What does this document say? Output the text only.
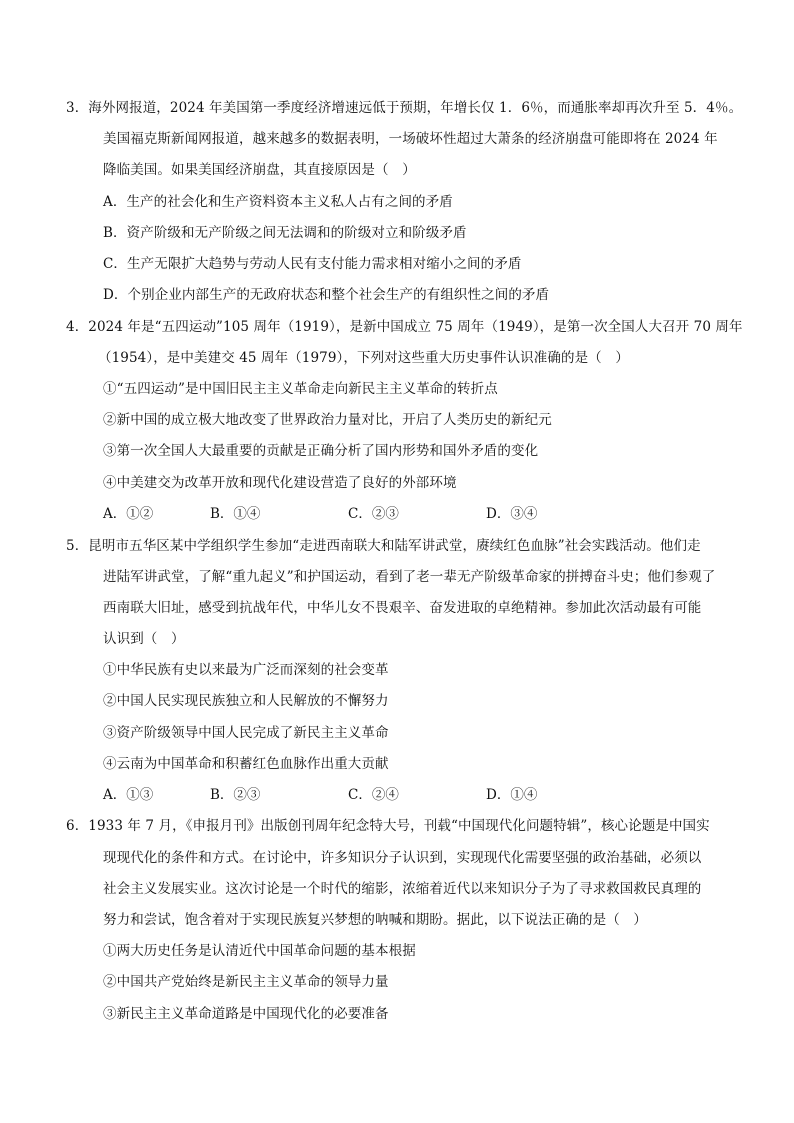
3．海外网报道，2024 年美国第一季度经济增速远低于预期，年增长仅 1．6％，而通胀率却再次升至 5．4％。
美国福克斯新闻网报道，越来越多的数据表明，一场破坏性超过大萧条的经济崩盘可能即将在 2024 年
降临美国。如果美国经济崩盘，其直接原因是（　）
A．生产的社会化和生产资料资本主义私人占有之间的矛盾
B．资产阶级和无产阶级之间无法调和的阶级对立和阶级矛盾
C．生产无限扩大趋势与劳动人民有支付能力需求相对缩小之间的矛盾
D．个别企业内部生产的无政府状态和整个社会生产的有组织性之间的矛盾
4．2024 年是“五四运动”105 周年（1919），是新中国成立 75 周年（1949），是第一次全国人大召开 70 周年
（1954），是中美建交 45 周年（1979），下列对这些重大历史事件认识准确的是（　）
①“五四运动”是中国旧民主主义革命走向新民主主义革命的转折点
②新中国的成立极大地改变了世界政治力量对比，开启了人类历史的新纪元
③第一次全国人大最重要的贡献是正确分析了国内形势和国外矛盾的变化
④中美建交为改革开放和现代化建设营造了良好的外部环境
A．①②	B．①④	C．②③	D．③④
5．昆明市五华区某中学组织学生参加“走进西南联大和陆军讲武堂，赓续红色血脉”社会实践活动。他们走
进陆军讲武堂，了解“重九起义”和护国运动，看到了老一辈无产阶级革命家的拼搏奋斗史；他们参观了
西南联大旧址，感受到抗战年代，中华儿女不畏艰辛、奋发进取的卓绝精神。参加此次活动最有可能
认识到（　）
①中华民族有史以来最为广泛而深刻的社会变革
②中国人民实现民族独立和人民解放的不懈努力
③资产阶级领导中国人民完成了新民主主义革命
④云南为中国革命和积蓄红色血脉作出重大贡献
A．①③	B．②③	C．②④	D．①④
6．1933 年 7 月，《申报月刊》出版创刊周年纪念特大号，刊载“中国现代化问题特辑”，核心论题是中国实
现现代化的条件和方式。在讨论中，许多知识分子认识到，实现现代化需要坚强的政治基础，必须以
社会主义发展实业。这次讨论是一个时代的缩影，浓缩着近代以来知识分子为了寻求救国救民真理的
努力和尝试，饱含着对于实现民族复兴梦想的呐喊和期盼。据此，以下说法正确的是（　）
①两大历史任务是认清近代中国革命问题的基本根据
②中国共产党始终是新民主主义革命的领导力量
③新民主主义革命道路是中国现代化的必要准备
